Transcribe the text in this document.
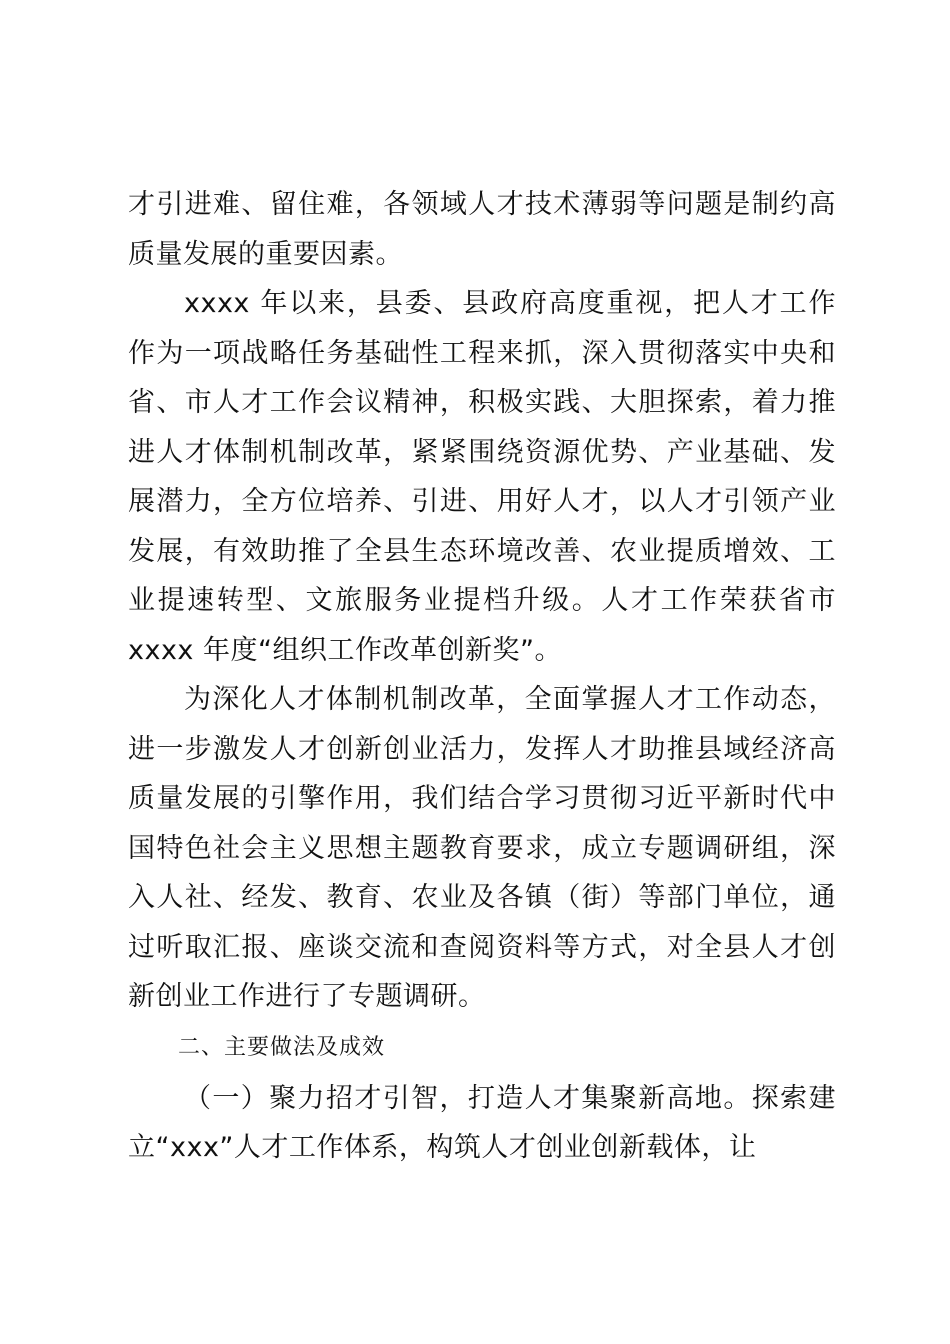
才引进难、留住难，各领域人才技术薄弱等问题是制约高质量发展的重要因素。

xxxx 年以来，县委、县政府高度重视，把人才工作作为一项战略任务基础性工程来抓，深入贯彻落实中央和省、市人才工作会议精神，积极实践、大胆探索，着力推进人才体制机制改革，紧紧围绕资源优势、产业基础、发展潜力，全方位培养、引进、用好人才，以人才引领产业发展，有效助推了全县生态环境改善、农业提质增效、工业提速转型、文旅服务业提档升级。人才工作荣获省市 xxxx 年度“组织工作改革创新奖”。

为深化人才体制机制改革，全面掌握人才工作动态，进一步激发人才创新创业活力，发挥人才助推县域经济高质量发展的引擎作用，我们结合学习贯彻习近平新时代中国特色社会主义思想主题教育要求，成立专题调研组，深入人社、经发、教育、农业及各镇（街）等部门单位，通过听取汇报、座谈交流和查阅资料等方式，对全县人才创新创业工作进行了专题调研。

二、主要做法及成效

（一）聚力招才引智，打造人才集聚新高地。探索建立“xxx”人才工作体系，构筑人才创业创新载体，让
